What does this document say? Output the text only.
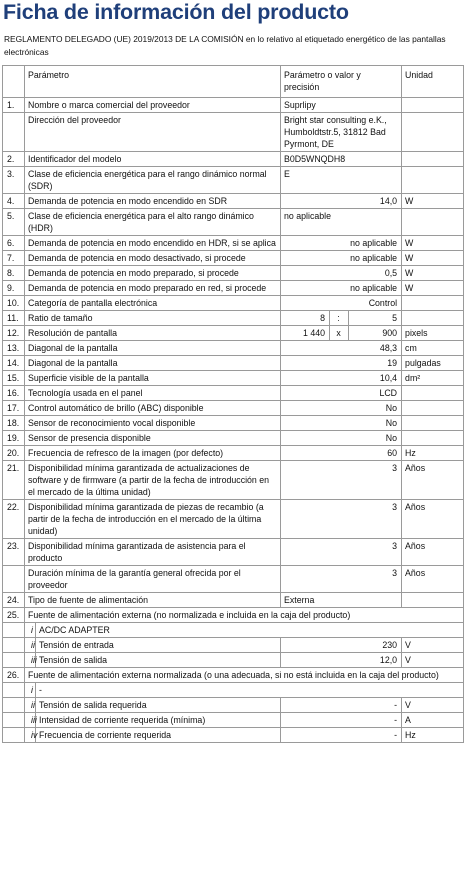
Ficha de información del producto
REGLAMENTO DELEGADO (UE) 2019/2013 DE LA COMISIÓN en lo relativo al etiquetado energético de las pantallas electrónicas
	Parámetro		Parámetro o valor y precisión			Unidad
1.	Nombre o marca comercial del proveedor		Suprlipy			
	Dirección del proveedor		Bright star consulting e.K., Humboldtstr.5, 31812 Bad Pyrmont, DE			
2.	Identificador del modelo		B0D5WNQDH8			
3.	Clase de eficiencia energética para el rango dinámico normal (SDR)		E			
4.	Demanda de potencia en modo encendido en SDR		14,0			W
5.	Clase de eficiencia energética para el alto rango dinámico (HDR)		no aplicable			
6.	Demanda de potencia en modo encendido en HDR, si se aplica		no aplicable			W
7.	Demanda de potencia en modo desactivado, si procede		no aplicable			W
8.	Demanda de potencia en modo preparado, si procede		0,5			W
9.	Demanda de potencia en modo preparado en red, si procede		no aplicable			W
10.	Categoría de pantalla electrónica		Control			
11.	Ratio de tamaño		8	:	5	
12.	Resolución de pantalla		1 440	x	900	pixels
13.	Diagonal de la pantalla		48,3			cm
14.	Diagonal de la pantalla		19			pulgadas
15.	Superficie visible de la pantalla		10,4			dm²
16.	Tecnología usada en el panel		LCD			
17.	Control automático de brillo (ABC) disponible		No			
18.	Sensor de reconocimiento vocal disponible		No			
19.	Sensor de presencia disponible		No			
20.	Frecuencia de refresco de la imagen (por defecto)		60			Hz
21.	Disponibilidad mínima garantizada de actualizaciones de software y de firmware (a partir de la fecha de introducción en el mercado de la última unidad)		3			Años
22.	Disponibilidad mínima garantizada de piezas de recambio (a partir de la fecha de introducción en el mercado de la última unidad)		3			Años
23.	Disponibilidad mínima garantizada de asistencia para el producto		3			Años
	Duración mínima de la garantía general ofrecida por el proveedor		3			Años
24.	Tipo de fuente de alimentación		Externa			
25.	Fuente de alimentación externa (no normalizada e incluida en la caja del producto)					
	i	AC/DC ADAPTER				
	ii	Tensión de entrada	230			V
	iii	Tensión de salida	12,0			V
26.	Fuente de alimentación externa normalizada (o una adecuada, si no está incluida en la caja del producto)					
	i	-				
	ii	Tensión de salida requerida	-			V
	iii	Intensidad de corriente requerida (mínima)	-			A
	iv	Frecuencia de corriente requerida	-			Hz
